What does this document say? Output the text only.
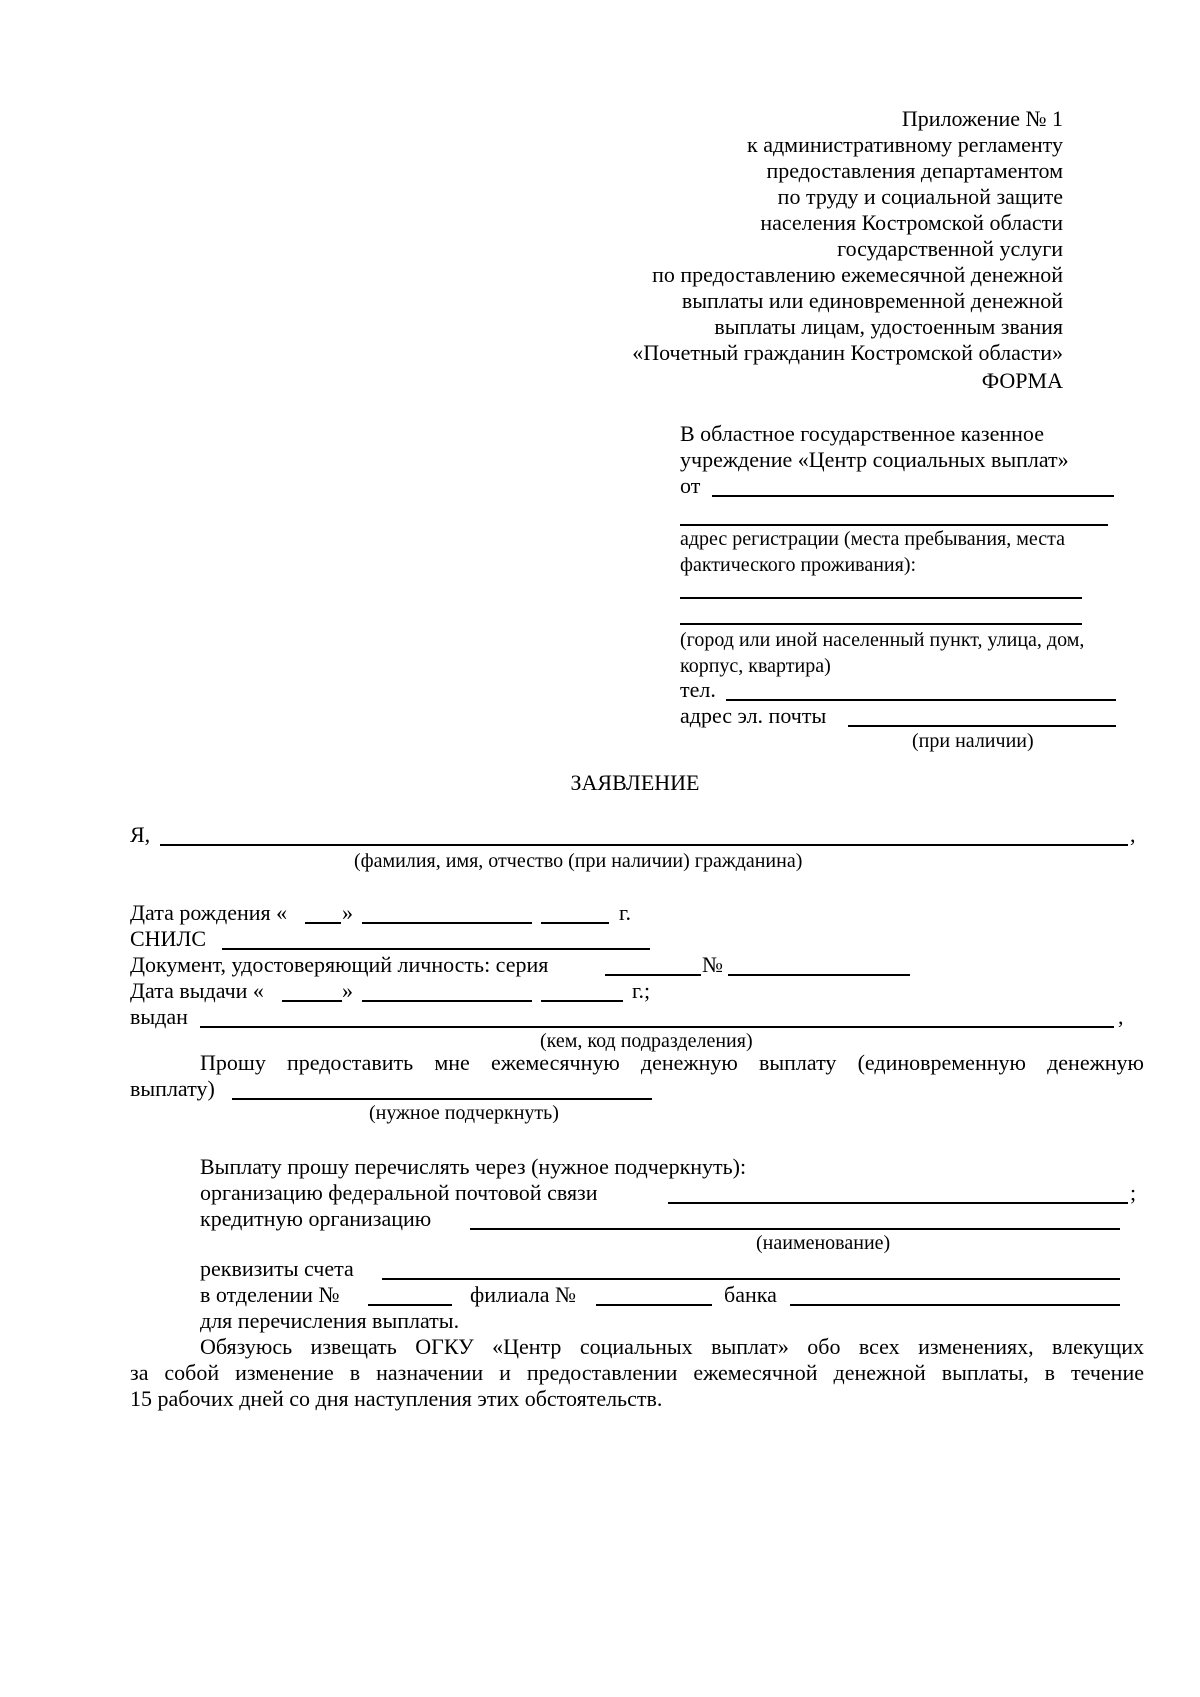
Приложение № 1
к административному регламенту
предоставления департаментом
по труду и социальной защите
населения Костромской области
государственной услуги
по предоставлению ежемесячной денежной
выплаты или единовременной денежной
выплаты лицам, удостоенным звания
«Почетный гражданин Костромской области»
ФОРМА
В областное государственное казенное
учреждение «Центр социальных выплат»
от
адрес регистрации (места пребывания, места
фактического проживания):
(город или иной населенный пункт, улица, дом,
корпус, квартира)
тел.
адрес эл. почты
(при наличии)
ЗАЯВЛЕНИЕ
Я,	,
(фамилия, имя, отчество (при наличии) гражданина)
Дата рождения « »	г.
СНИЛС
Документ, удостоверяющий личность: серия	№
Дата выдачи «	»	г.;
выдан	,
(кем, код подразделения)
Прошу предоставить мне ежемесячную денежную выплату (единовременную денежную
выплату)
(нужное подчеркнуть)
Выплату прошу перечислять через (нужное подчеркнуть):
организацию федеральной почтовой связи	;
кредитную организацию
(наименование)
реквизиты счета
в отделении №	филиала №	банка
для перечисления выплаты.
Обязуюсь извещать ОГКУ «Центр социальных выплат» обо всех изменениях, влекущих
за собой изменение в назначении и предоставлении ежемесячной денежной выплаты, в течение
15 рабочих дней со дня наступления этих обстоятельств.
